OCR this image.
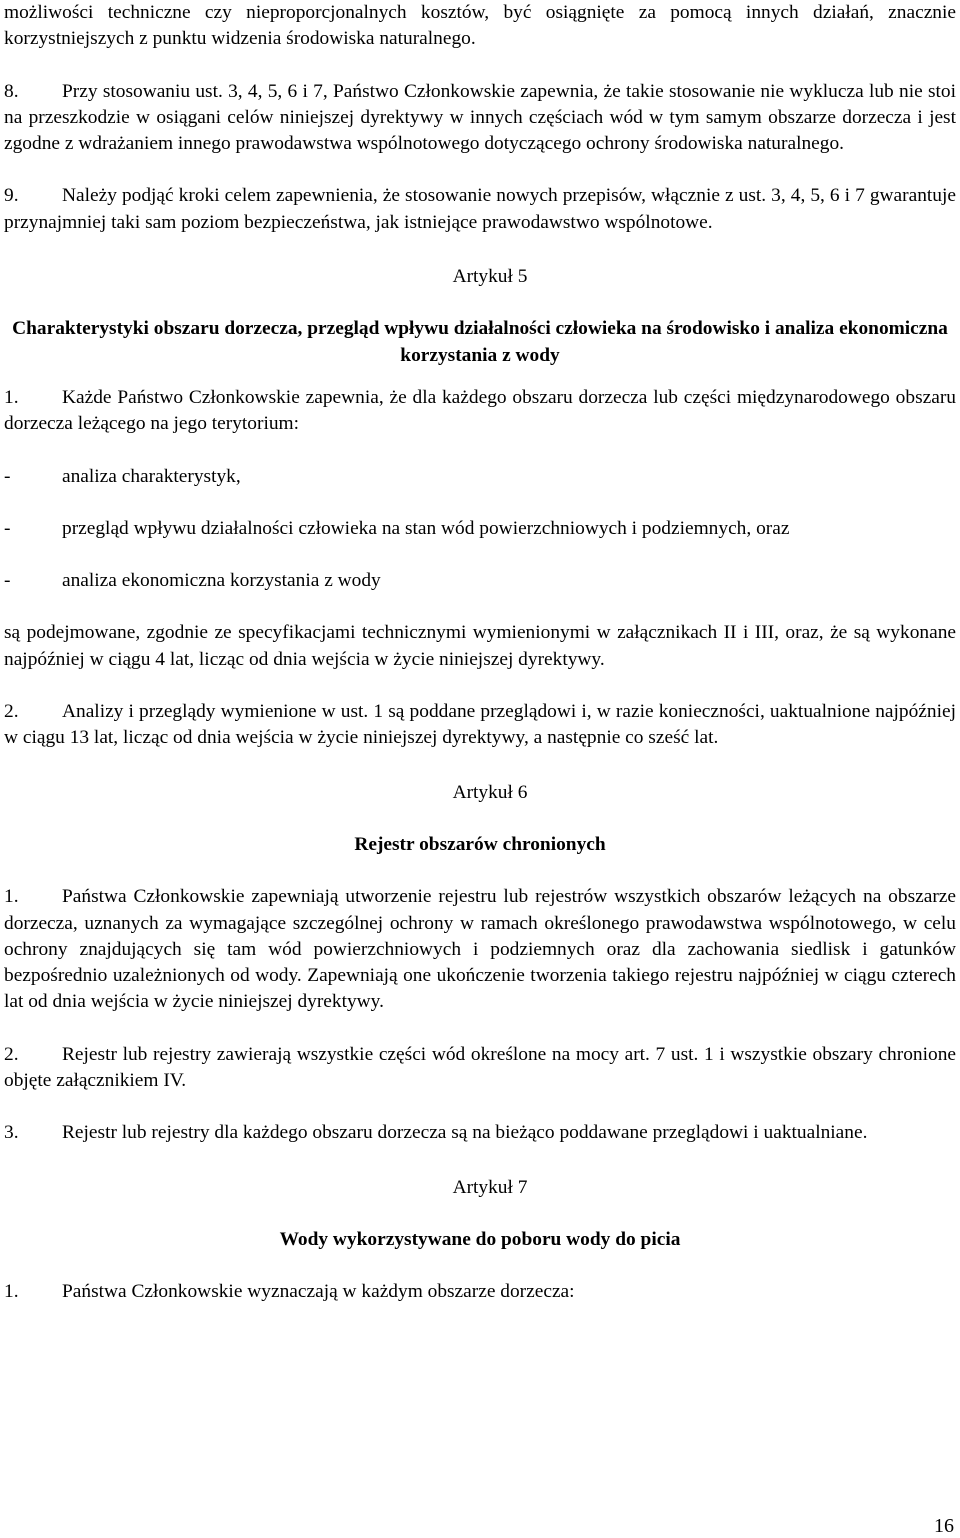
możliwości techniczne czy nieproporcjonalnych kosztów, być osiągnięte za pomocą innych działań, znacznie korzystniejszych z punktu widzenia środowiska naturalnego.

8. Przy stosowaniu ust. 3, 4, 5, 6 i 7, Państwo Członkowskie zapewnia, że takie stosowanie nie wyklucza lub nie stoi na przeszkodzie w osiągani celów niniejszej dyrektywy w innych częściach wód w tym samym obszarze dorzecza i jest zgodne z wdrażaniem innego prawodawstwa wspólnotowego dotyczącego ochrony środowiska naturalnego.

9. Należy podjąć kroki celem zapewnienia, że stosowanie nowych przepisów, włącznie z ust. 3, 4, 5, 6 i 7 gwarantuje przynajmniej taki sam poziom bezpieczeństwa, jak istniejące prawodawstwo wspólnotowe.

Artykuł 5

Charakterystyki obszaru dorzecza, przegląd wpływu działalności człowieka na środowisko i analiza ekonomiczna korzystania z wody

1. Każde Państwo Członkowskie zapewnia, że dla każdego obszaru dorzecza lub części międzynarodowego obszaru dorzecza leżącego na jego terytorium:

-	analiza charakterystyk,

-	przegląd wpływu działalności człowieka na stan wód powierzchniowych i podziemnych, oraz

-	analiza ekonomiczna korzystania z wody

są podejmowane, zgodnie ze specyfikacjami technicznymi wymienionymi w załącznikach II i III, oraz, że są wykonane najpóźniej w ciągu 4 lat, licząc od dnia wejścia w życie niniejszej dyrektywy.

2. Analizy i przeglądy wymienione w ust. 1 są poddane przeglądowi i, w razie konieczności, uaktualnione najpóźniej w ciągu 13 lat, licząc od dnia wejścia w życie niniejszej dyrektywy, a następnie co sześć lat.

Artykuł 6

Rejestr obszarów chronionych

1. Państwa Członkowskie zapewniają utworzenie rejestru lub rejestrów wszystkich obszarów leżących na obszarze dorzecza, uznanych za wymagające szczególnej ochrony w ramach określonego prawodawstwa wspólnotowego, w celu ochrony znajdujących się tam wód powierzchniowych i podziemnych oraz dla zachowania siedlisk i gatunków bezpośrednio uzależnionych od wody. Zapewniają one ukończenie tworzenia takiego rejestru najpóźniej w ciągu czterech lat od dnia wejścia w życie niniejszej dyrektywy.

2. Rejestr lub rejestry zawierają wszystkie części wód określone na mocy art. 7 ust. 1 i wszystkie obszary chronione objęte załącznikiem IV.

3. Rejestr lub rejestry dla każdego obszaru dorzecza są na bieżąco poddawane przeglądowi i uaktualniane.

Artykuł 7

Wody wykorzystywane do poboru wody do picia

1. Państwa Członkowskie wyznaczają w każdym obszarze dorzecza:

16
